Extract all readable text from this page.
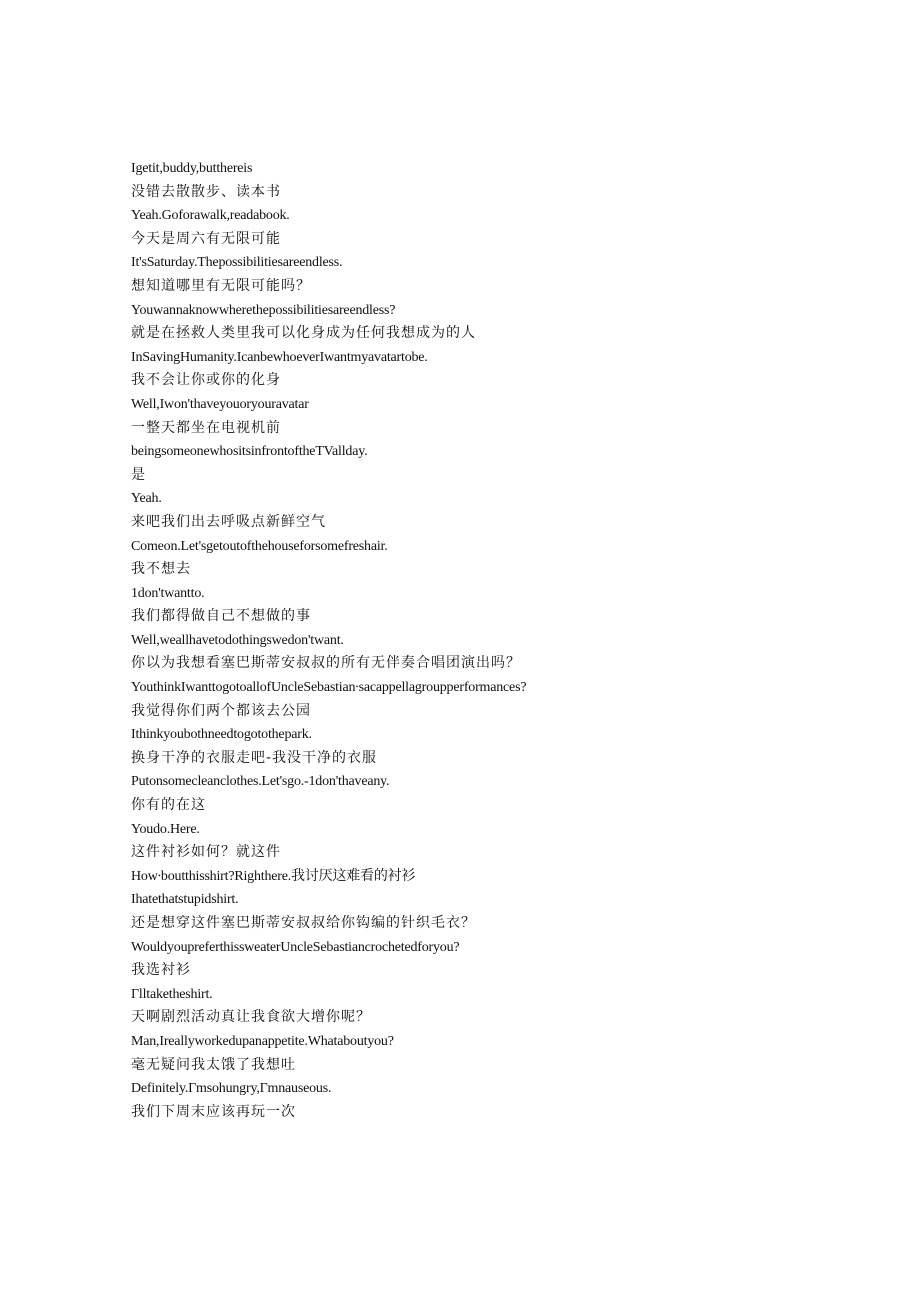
Igetit,buddy,butthereis
没错去散散步、读本书
Yeah.Goforawalk,readabook.
今天是周六有无限可能
It'sSaturday.Thepossibilitiesareendless.
想知道哪里有无限可能吗？
Youwannaknowwherethepossibilitiesareendless?
就是在拯救人类里我可以化身成为任何我想成为的人
InSavingHumanity.IcanbewhoeverIwantmyavatartobe.
我不会让你或你的化身
Well,Iwon'thaveyouoryouravatar
一整天都坐在电视机前
beingsomeonewhositsinfrontoftheTVallday.
是
Yeah.
来吧我们出去呼吸点新鲜空气
Comeon.Let'sgetoutofthehouseforsomefreshair.
我不想去
1don'twantto.
我们都得做自己不想做的事
Well,weallhavetodothingswedon'twant.
你以为我想看塞巴斯蒂安叔叔的所有无伴奏合唱团演出吗？
YouthinkIwanttogotoallofUncleSebastian∙sacappellagroupperformances?
我觉得你们两个都该去公园
Ithinkyoubothneedtogotothepark.
换身干净的衣服走吧-我没干净的衣服
Putonsomecleanclothes.Let'sgo.-1don'thaveany.
你有的在这
Youdo.Here.
这件衬衫如何？就这件
How∙boutthisshirt?Righthere.我讨厌这难看的衬衫
Ihatethatstupidshirt.
还是想穿这件塞巴斯蒂安叔叔给你钩编的针织毛衣？
WouldyoupreferthissweaterUncleSebastiancrochetedforyou?
我选衬衫
Γlltaketheshirt.
天啊剧烈活动真让我食欲大增你呢？
Man,Ireallyworkedupanappetite.Whataboutyou?
毫无疑问我太饿了我想吐
Definitely.Γmsohungry,Γmnauseous.
我们下周末应该再玩一次
